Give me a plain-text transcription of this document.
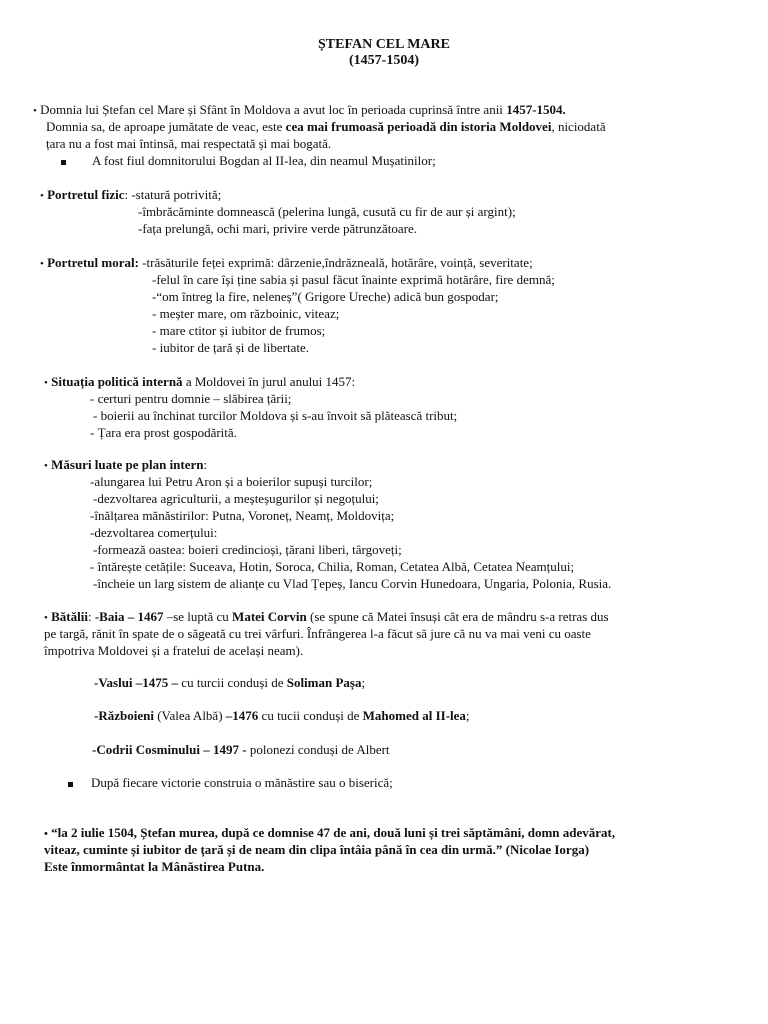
ȘTEFAN CEL MARE
(1457-1504)
• Domnia lui Ștefan cel Mare și Sfânt în Moldova a avut loc în perioada cuprinsă între anii 1457-1504.
Domnia sa, de aproape jumătate de veac, este cea mai frumoasă perioadă din istoria Moldovei, niciodată
țara nu a fost mai întinsă, mai respectată și mai bogată.
A fost fiul domnitorului Bogdan al II-lea, din neamul Mușatinilor;
• Portretul fizic: -statură potrivită;
-îmbrăcăminte domnească (pelerina lungă, cusută cu fir de aur și argint);
-fața prelungă, ochi mari, privire verde pătrunzătoare.
• Portretul moral: -trăsăturile feței exprimă: dârzenie,îndrăzneală, hotărâre, voință, severitate;
-felul în care își ține sabia și pasul făcut înainte exprimă hotărâre, fire demnă;
-“om întreg la fire, neleneș”( Grigore Ureche) adică bun gospodar;
- meșter mare, om războinic, viteaz;
- mare ctitor și iubitor de frumos;
- iubitor de țară și de libertate.
• Situația politică internă a Moldovei în jurul anului 1457:
- certuri pentru domnie – slăbirea țării;
- boierii au închinat turcilor Moldova și s-au învoit să plătească tribut;
- Țara era prost gospodărită.
• Măsuri luate pe plan intern:
-alungarea lui Petru Aron și a boierilor supuși turcilor;
-dezvoltarea agriculturii, a meșteșugurilor și negoțului;
-înălțarea mănăstirilor: Putna, Voroneț, Neamț, Moldovița;
-dezvoltarea comerțului:
-formează oastea: boieri credincioși, țărani liberi, târgoveți;
- întărește cetățile: Suceava, Hotin, Soroca, Chilia, Roman, Cetatea Albă, Cetatea Neamțului;
-încheie un larg sistem de alianțe cu Vlad Țepeș, Iancu Corvin Hunedoara, Ungaria, Polonia, Rusia.
• Bătălii: -Baia – 1467 –se luptă cu Matei Corvin (se spune că Matei însuși cât era de mândru s-a retras dus
pe targă, rănit în spate de o săgeată cu trei vârfuri. Înfrângerea l-a făcut să jure că nu va mai veni cu oaste
împotriva Moldovei și a fratelui de același neam).
-Vaslui –1475 – cu turcii conduși de Soliman Pașa;
-Războieni (Valea Albă) –1476 cu tucii conduși de Mahomed al II-lea;
-Codrii Cosminului – 1497 - polonezi conduși de Albert
După fiecare victorie construia o mănăstire sau o biserică;
• “la 2 iulie 1504, Ștefan murea, după ce domnise 47 de ani, două luni și trei săptămâni, domn adevărat,
viteaz, cuminte și iubitor de țară și de neam din clipa întâia până în cea din urmă.” (Nicolae Iorga)
Este înmormântat la Mânăstirea Putna.
